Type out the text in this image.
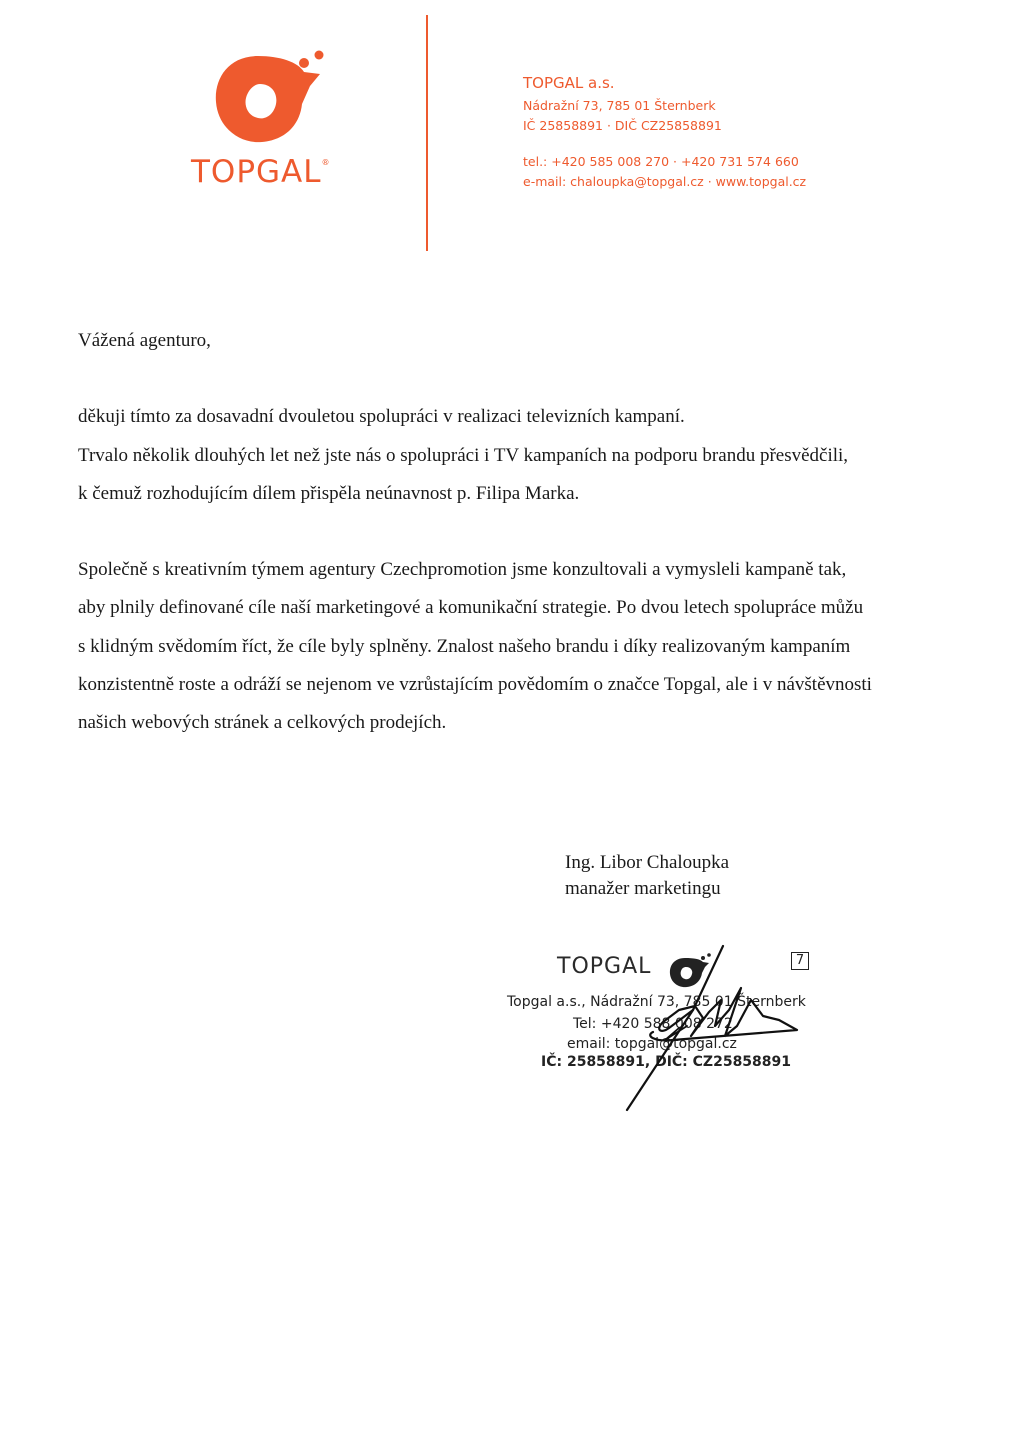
TOPGAL®
TOPGAL a.s.
Nádražní 73, 785 01 Šternberk
IČ 25858891 · DIČ CZ25858891
tel.: +420 585 008 270 · +420 731 574 660
e-mail: chaloupka@topgal.cz · www.topgal.cz

Vážená agenturo,

děkuji tímto za dosavadní dvouletou spolupráci v realizaci televizních kampaní.

Trvalo několik dlouhých let než jste nás o spolupráci i TV kampaních na podporu brandu přesvědčili,

k čemuž rozhodujícím dílem přispěla neúnavnost p. Filipa Marka.

Společně s kreativním týmem agentury Czechpromotion jsme konzultovali a vymysleli kampaně tak,

aby plnily definované cíle naší marketingové a komunikační strategie. Po dvou letech spolupráce můžu

s klidným svědomím říct, že cíle byly splněny. Znalost našeho brandu i díky realizovaným kampaním

konzistentně roste a odráží se nejenom ve vzrůstajícím povědomím o značce Topgal, ale i v návštěvnosti

našich webových stránek a celkových prodejích.

Ing. Libor Chaloupka

manažer marketingu

TOPGAL	7
Topgal a.s., Nádražní 73, 785 01 Šternberk
Tel: +420 588 008 272
email: topgal@topgal.cz
IČ: 25858891, DIČ: CZ25858891
